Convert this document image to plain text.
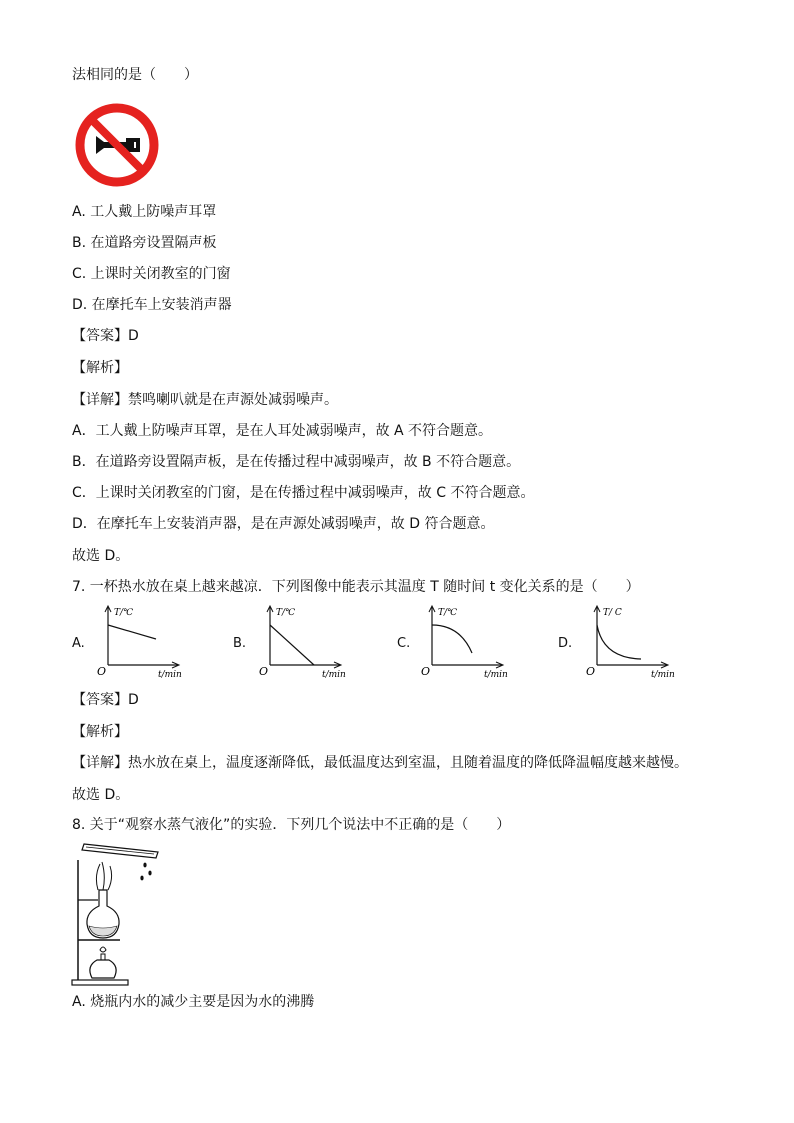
法相同的是（　　）
A. 工人戴上防噪声耳罩
B. 在道路旁设置隔声板
C. 上课时关闭教室的门窗
D. 在摩托车上安装消声器
【答案】D
【解析】
【详解】禁鸣喇叭就是在声源处减弱噪声。
A．工人戴上防噪声耳罩，是在人耳处减弱噪声，故 A 不符合题意。
B．在道路旁设置隔声板，是在传播过程中减弱噪声，故 B 不符合题意。
C．上课时关闭教室的门窗，是在传播过程中减弱噪声，故 C 不符合题意。
D．在摩托车上安装消声器，是在声源处减弱噪声，故 D 符合题意。
故选 D。
7. 一杯热水放在桌上越来越凉．下列图像中能表示其温度 T 随时间 t 变化关系的是（　　）
A.
T/℃
t/min
O
B.
T/℃
t/min
O
C.
T/℃
t/min
O
D.
T/ C
t/min
O
【答案】D
【解析】
【详解】热水放在桌上，温度逐渐降低，最低温度达到室温，且随着温度的降低降温幅度越来越慢。
故选 D。
8. 关于“观察水蒸气液化”的实验．下列几个说法中不正确的是（　　）
A. 烧瓶内水的减少主要是因为水的沸腾
